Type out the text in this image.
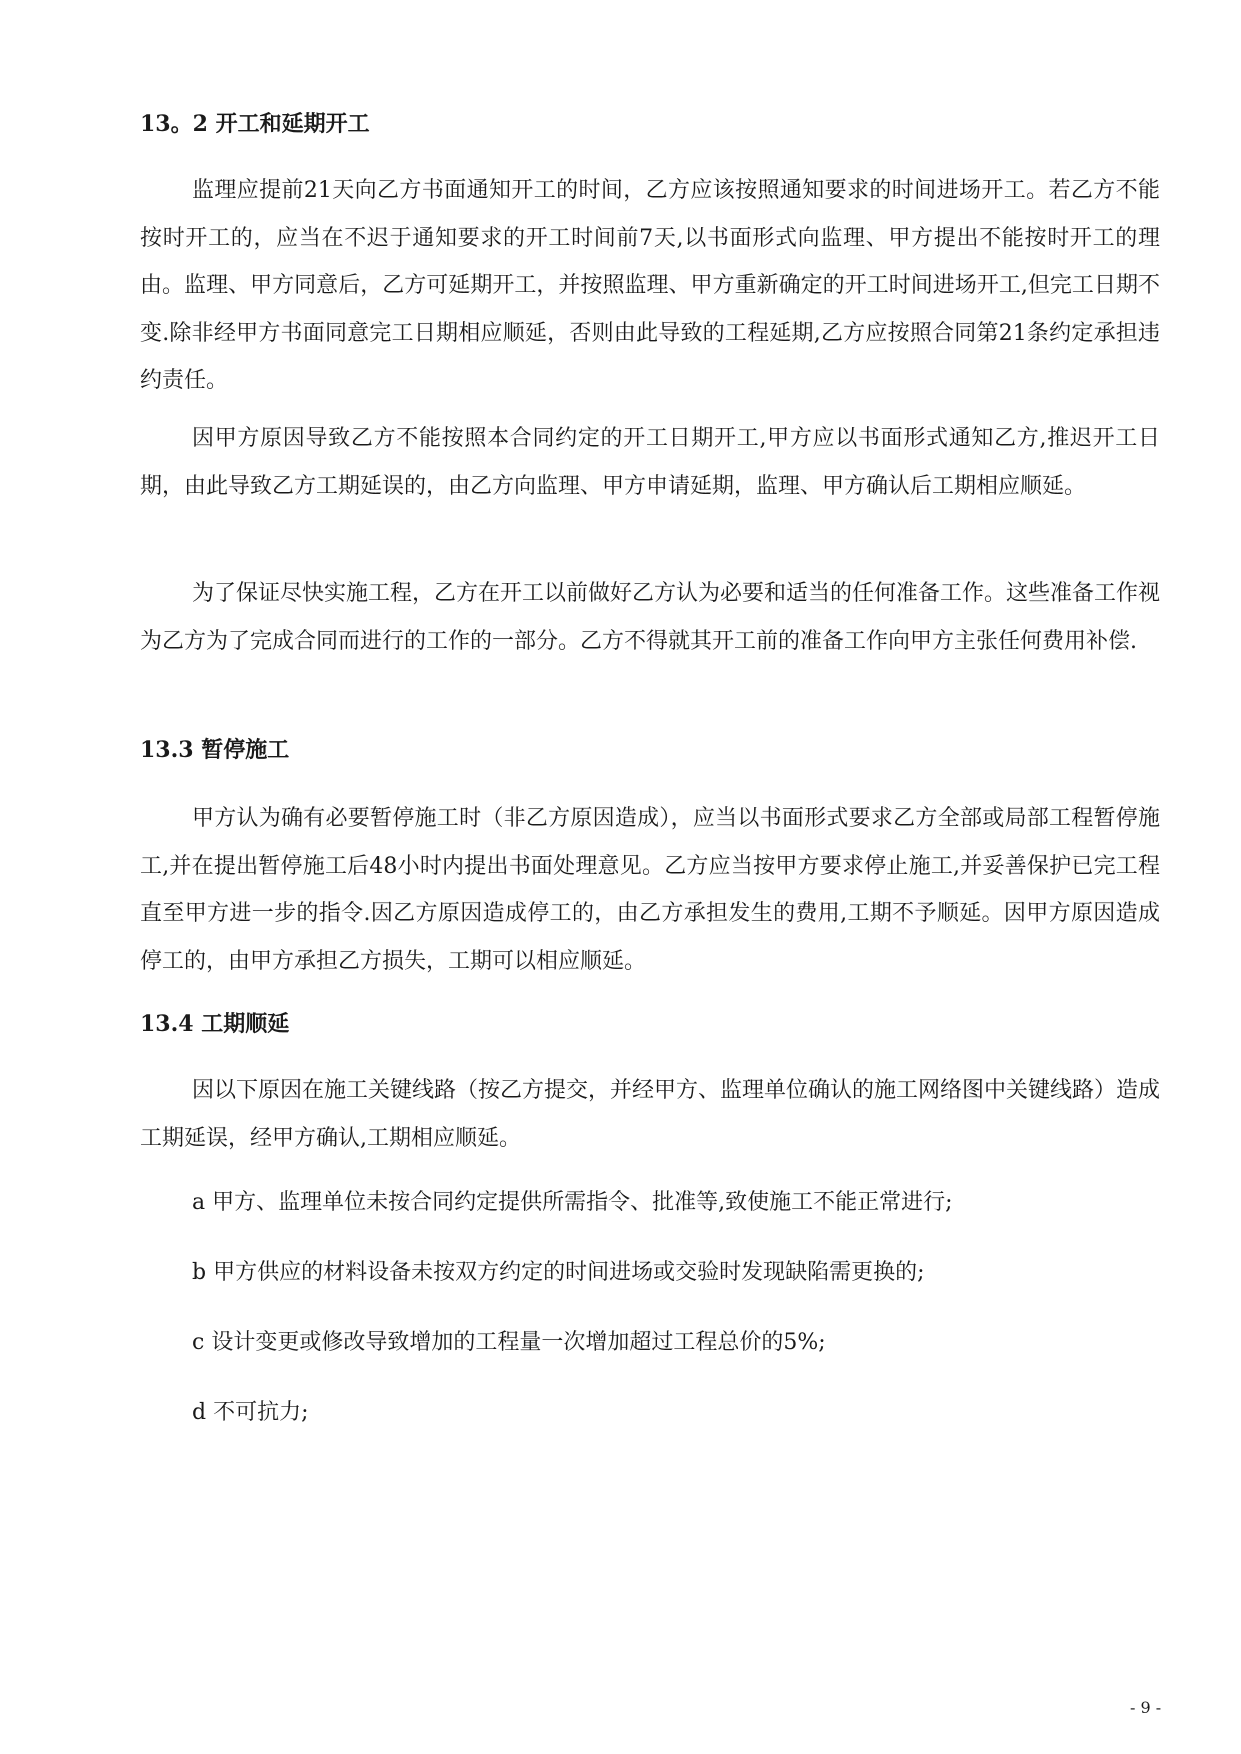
13。2 开工和延期开工

监理应提前21天向乙方书面通知开工的时间，乙方应该按照通知要求的时间进场开工。若乙方不能按时开工的，应当在不迟于通知要求的开工时间前7天,以书面形式向监理、甲方提出不能按时开工的理由。监理、甲方同意后，乙方可延期开工，并按照监理、甲方重新确定的开工时间进场开工,但完工日期不变.除非经甲方书面同意完工日期相应顺延，否则由此导致的工程延期,乙方应按照合同第21条约定承担违约责任。

因甲方原因导致乙方不能按照本合同约定的开工日期开工,甲方应以书面形式通知乙方,推迟开工日期，由此导致乙方工期延误的，由乙方向监理、甲方申请延期，监理、甲方确认后工期相应顺延。

为了保证尽快实施工程，乙方在开工以前做好乙方认为必要和适当的任何准备工作。这些准备工作视为乙方为了完成合同而进行的工作的一部分。乙方不得就其开工前的准备工作向甲方主张任何费用补偿.

13.3 暂停施工

甲方认为确有必要暂停施工时（非乙方原因造成），应当以书面形式要求乙方全部或局部工程暂停施工,并在提出暂停施工后48小时内提出书面处理意见。乙方应当按甲方要求停止施工,并妥善保护已完工程直至甲方进一步的指令.因乙方原因造成停工的，由乙方承担发生的费用,工期不予顺延。因甲方原因造成停工的，由甲方承担乙方损失，工期可以相应顺延。

13.4 工期顺延

因以下原因在施工关键线路（按乙方提交，并经甲方、监理单位确认的施工网络图中关键线路）造成工期延误，经甲方确认,工期相应顺延。

a 甲方、监理单位未按合同约定提供所需指令、批准等,致使施工不能正常进行;

b 甲方供应的材料设备未按双方约定的时间进场或交验时发现缺陷需更换的;

c 设计变更或修改导致增加的工程量一次增加超过工程总价的5%;

d 不可抗力;

- 9 -
